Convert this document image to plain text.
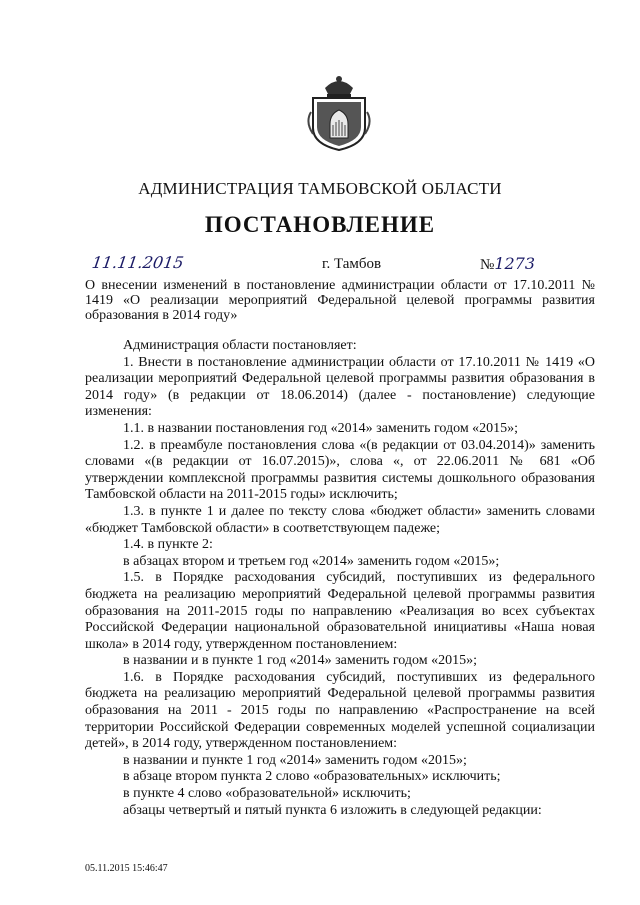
АДМИНИСТРАЦИЯ ТАМБОВСКОЙ ОБЛАСТИ
ПОСТАНОВЛЕНИЕ
11.11.2015	г. Тамбов	№1273
О внесении изменений в постановление администрации области от 17.10.2011 № 1419 «О реализации мероприятий Федеральной целевой программы развития образования в 2014 году»

Администрация области постановляет:

1. Внести в постановление администрации области от 17.10.2011 № 1419 «О реализации мероприятий Федеральной целевой программы развития образования в 2014 году» (в редакции от 18.06.2014) (далее - постановление) следующие изменения:

1.1. в названии постановления год «2014» заменить годом «2015»;

1.2. в преамбуле постановления слова «(в редакции от 03.04.2014)» заменить словами «(в редакции от 16.07.2015)», слова «, от 22.06.2011 № 681 «Об утверждении комплексной программы развития системы дошкольного образования Тамбовской области на 2011-2015 годы» исключить;

1.3. в пункте 1 и далее по тексту слова «бюджет области» заменить словами «бюджет Тамбовской области» в соответствующем падеже;

1.4. в пункте 2:

в абзацах втором и третьем год «2014» заменить годом «2015»;

1.5. в Порядке расходования субсидий, поступивших из федерального бюджета на реализацию мероприятий Федеральной целевой программы развития образования на 2011-2015 годы по направлению «Реализация во всех субъектах Российской Федерации национальной образовательной инициативы «Наша новая школа» в 2014 году, утвержденном постановлением:

в названии и в пункте 1 год «2014» заменить годом «2015»;

1.6. в Порядке расходования субсидий, поступивших из федерального бюджета на реализацию мероприятий Федеральной целевой программы развития образования на 2011 - 2015 годы по направлению «Распространение на всей территории Российской Федерации современных моделей успешной социализации детей», в 2014 году, утвержденном постановлением:

в названии и пункте 1 год «2014» заменить годом «2015»;

в абзаце втором пункта 2 слово «образовательных» исключить;

в пункте 4 слово «образовательной» исключить;

абзацы четвертый и пятый пункта 6 изложить в следующей редакции:

05.11.2015 15:46:47
